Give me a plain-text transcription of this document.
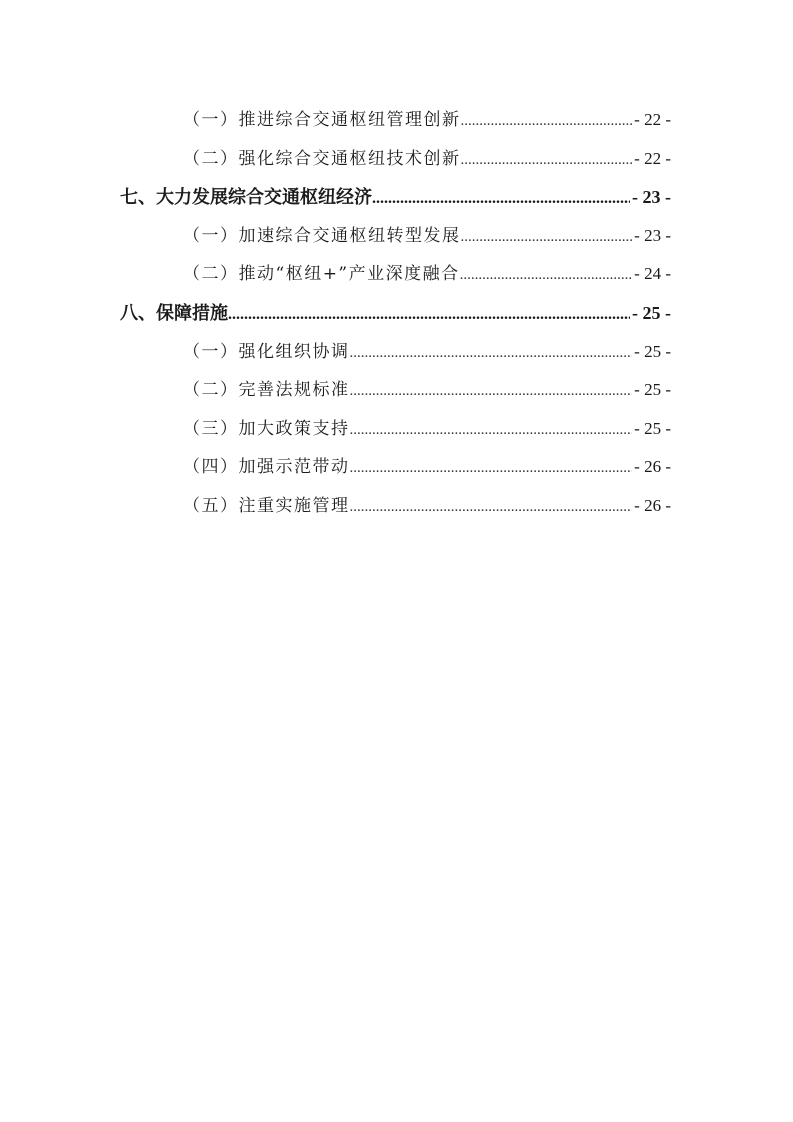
（一）推进综合交通枢纽管理创新 .....	- 22 -
（二）强化综合交通枢纽技术创新 .....	- 22 -
七、大力发展综合交通枢纽经济 .....	- 23 -
（一）加速综合交通枢纽转型发展 .....	- 23 -
（二）推动“枢纽+”产业深度融合 .....	- 24 -
八、保障措施 .....	- 25 -
（一）强化组织协调 .....	- 25 -
（二）完善法规标准 .....	- 25 -
（三）加大政策支持 .....	- 25 -
（四）加强示范带动 .....	- 26 -
（五）注重实施管理 .....	- 26 -
